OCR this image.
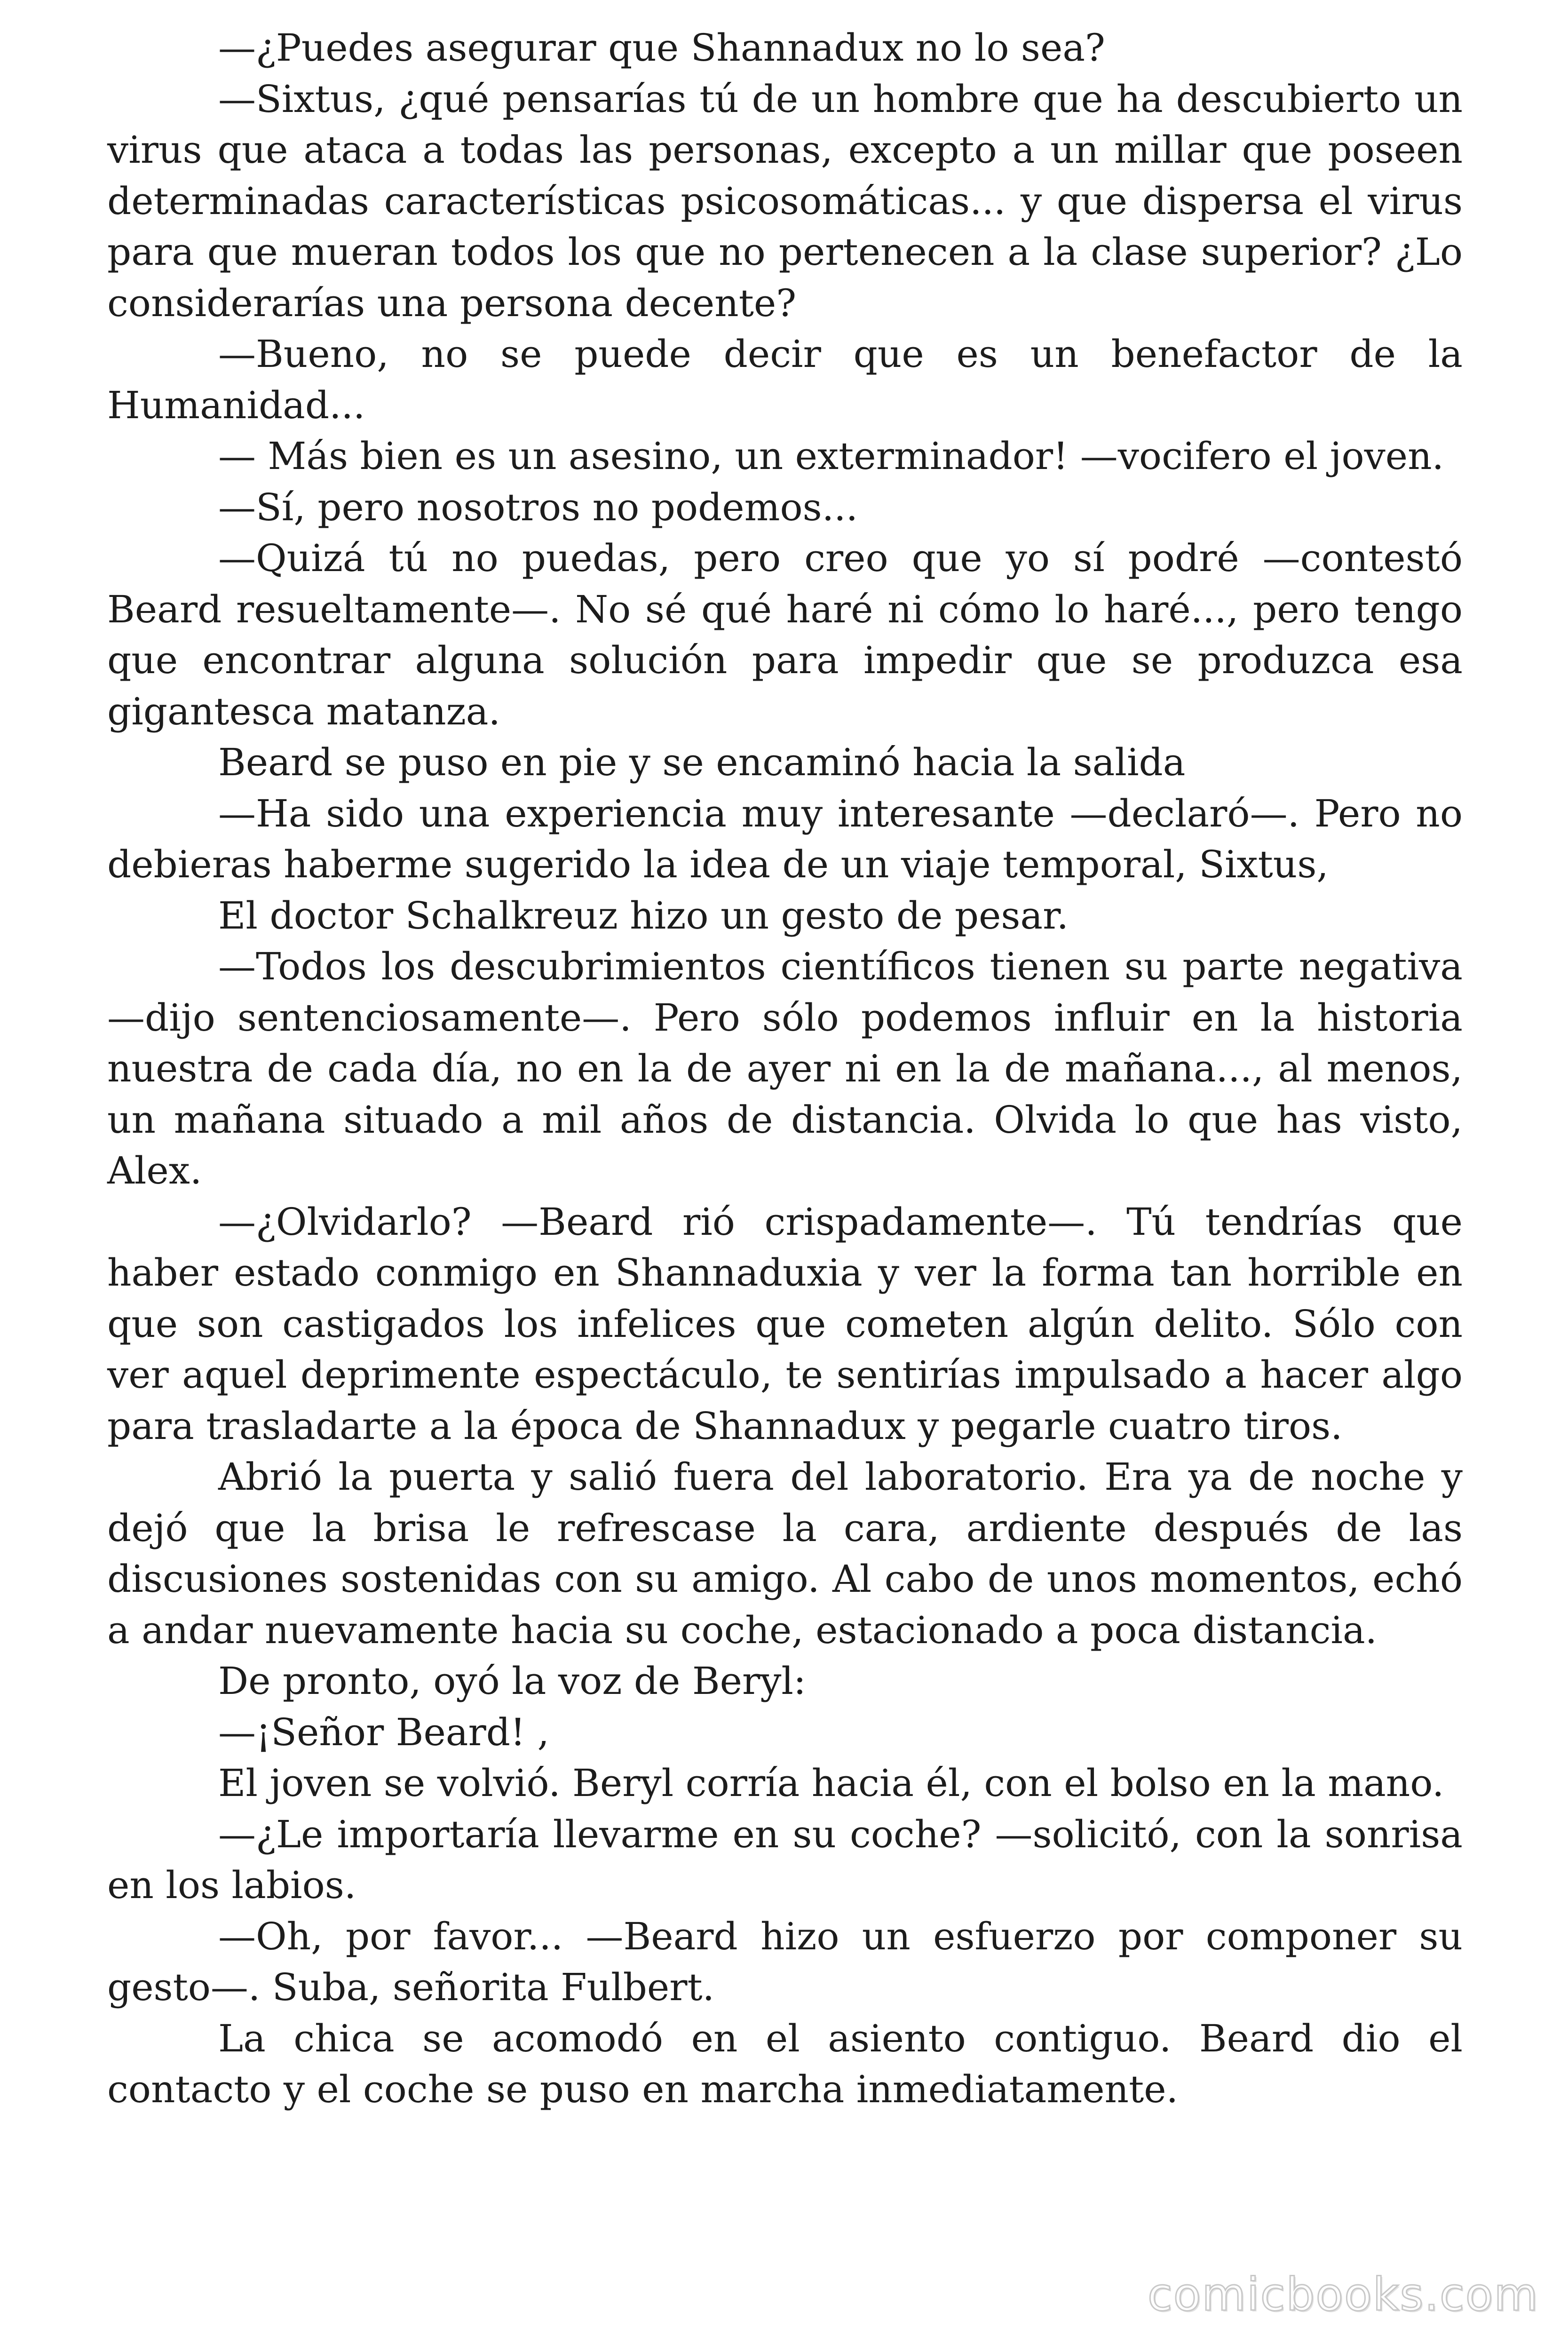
—¿Puedes asegurar que Shannadux no lo sea?

—Sixtus, ¿qué pensarías tú de un hombre que ha descubierto un virus que ataca a todas las personas, excepto a un millar que poseen determinadas características psicosomáticas... y que dispersa el virus para que mueran todos los que no pertenecen a la clase superior? ¿Lo considerarías una persona decente?

—Bueno, no se puede decir que es un benefactor de la Humanidad...

— Más bien es un asesino, un exterminador! —vocifero el joven.

—Sí, pero nosotros no podemos...

—Quizá tú no puedas, pero creo que yo sí podré —contestó Beard resueltamente—. No sé qué haré ni cómo lo haré..., pero tengo que encontrar alguna solución para impedir que se produzca esa gigantesca matanza.

Beard se puso en pie y se encaminó hacia la salida

—Ha sido una experiencia muy interesante —declaró—. Pero no debieras haberme sugerido la idea de un viaje temporal, Sixtus,

El doctor Schalkreuz hizo un gesto de pesar.

—Todos los descubrimientos científicos tienen su parte negativa —dijo sentenciosamente—. Pero sólo podemos influir en la historia nuestra de cada día, no en la de ayer ni en la de mañana..., al menos, un mañana situado a mil años de distancia. Olvida lo que has visto, Alex.

—¿Olvidarlo? —Beard rió crispadamente—. Tú tendrías que haber estado conmigo en Shannaduxia y ver la forma tan horrible en que son castigados los infelices que cometen algún delito. Sólo con ver aquel deprimente espectáculo, te sentirías impulsado a hacer algo para trasladarte a la época de Shannadux y pegarle cuatro tiros.

Abrió la puerta y salió fuera del laboratorio. Era ya de noche y dejó que la brisa le refrescase la cara, ardiente después de las discusiones sostenidas con su amigo. Al cabo de unos momentos, echó a andar nuevamente hacia su coche, estacionado a poca distancia.

De pronto, oyó la voz de Beryl:

—¡Señor Beard! ,

El joven se volvió. Beryl corría hacia él, con el bolso en la mano.

—¿Le importaría llevarme en su coche? —solicitó, con la sonrisa en los labios.

—Oh, por favor... —Beard hizo un esfuerzo por componer su gesto—. Suba, señorita Fulbert.

La chica se acomodó en el asiento contiguo. Beard dio el contacto y el coche se puso en marcha inmediatamente.

comicbooks.com
